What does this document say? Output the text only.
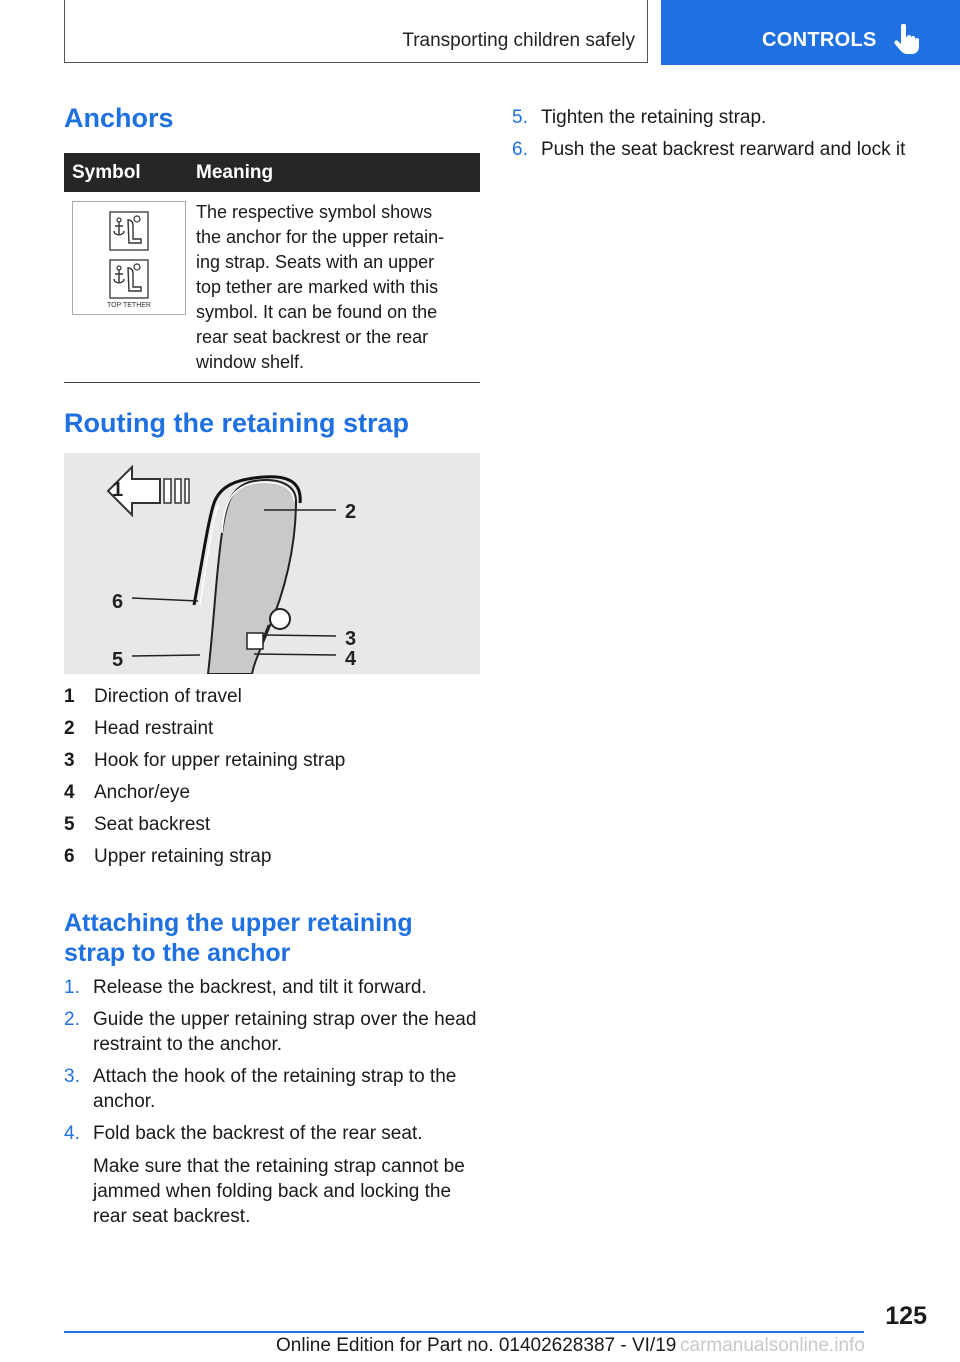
Transporting children safely	CONTROLS
Anchors
Symbol	Meaning
TOP TETHER
The respective symbol shows
the anchor for the upper retain-
ing strap. Seats with an upper
top tether are marked with this
symbol. It can be found on the
rear seat backrest or the rear
window shelf.
Routing the retaining strap
1
2
3
4
5
6
1 Direction of travel
2 Head restraint
3 Hook for upper retaining strap
4 Anchor/eye
5 Seat backrest
6 Upper retaining strap
Attaching the upper retaining
strap to the anchor
1. Release the backrest, and tilt it forward.
2. Guide the upper retaining strap over the head
restraint to the anchor.
3. Attach the hook of the retaining strap to the
anchor.
4. Fold back the backrest of the rear seat.
Make sure that the retaining strap cannot be
jammed when folding back and locking the
rear seat backrest.
5. Tighten the retaining strap.
6. Push the seat backrest rearward and lock it
125
Online Edition for Part no. 01402628387 - VI/19 carmanualsonline.info
